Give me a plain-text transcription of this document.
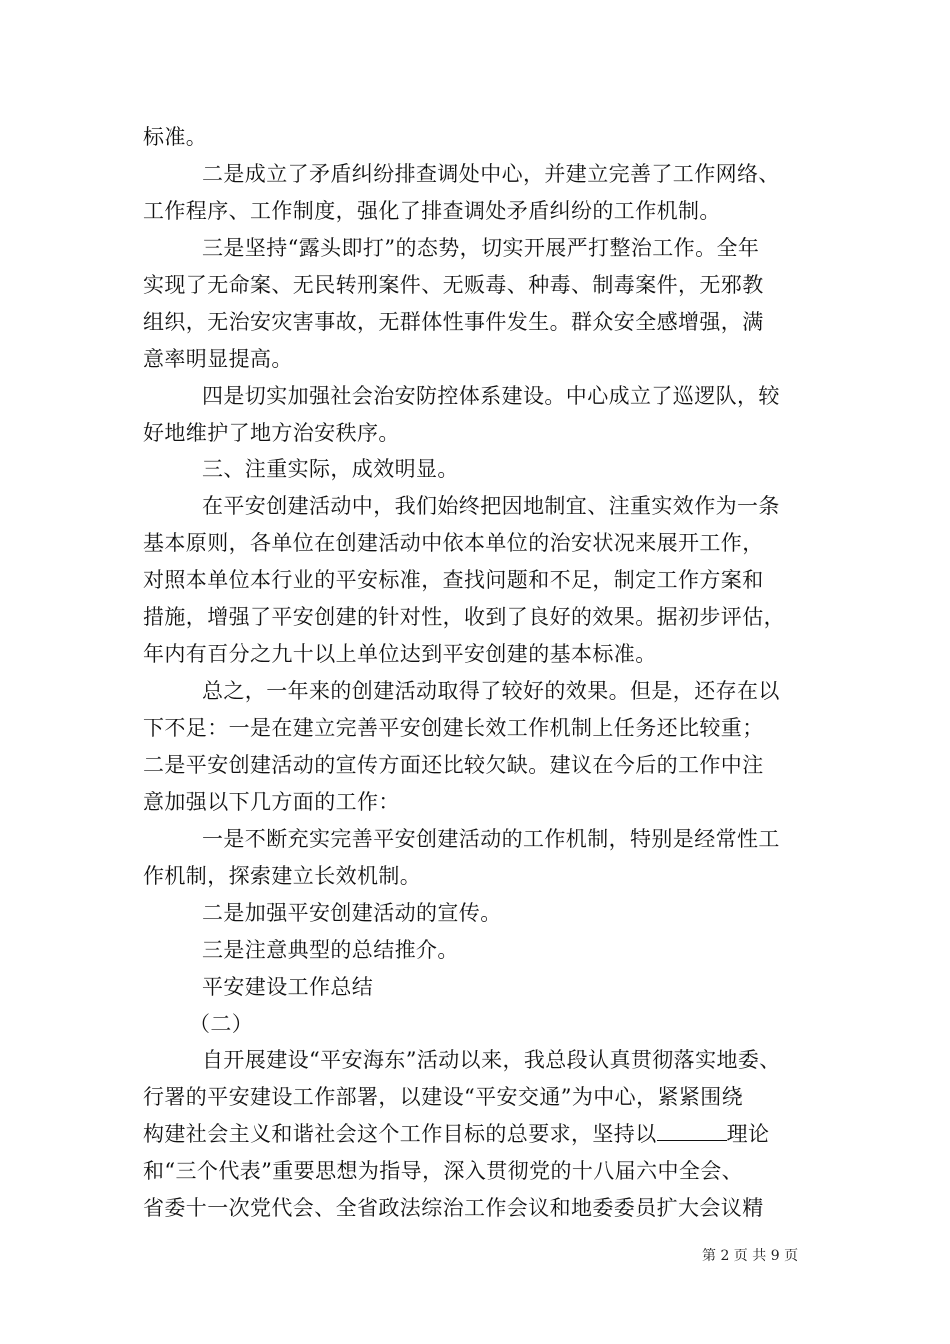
标准。
二是成立了矛盾纠纷排查调处中心，并建立完善了工作网络、
工作程序、工作制度，强化了排查调处矛盾纠纷的工作机制。
三是坚持“露头即打”的态势，切实开展严打整治工作。全年
实现了无命案、无民转刑案件、无贩毒、种毒、制毒案件，无邪教
组织，无治安灾害事故，无群体性事件发生。群众安全感增强，满
意率明显提高。
四是切实加强社会治安防控体系建设。中心成立了巡逻队，较
好地维护了地方治安秩序。
三、注重实际，成效明显。
在平安创建活动中，我们始终把因地制宜、注重实效作为一条
基本原则，各单位在创建活动中依本单位的治安状况来展开工作，
对照本单位本行业的平安标准，查找问题和不足，制定工作方案和
措施，增强了平安创建的针对性，收到了良好的效果。据初步评估，
年内有百分之九十以上单位达到平安创建的基本标准。
总之，一年来的创建活动取得了较好的效果。但是，还存在以
下不足：一是在建立完善平安创建长效工作机制上任务还比较重；
二是平安创建活动的宣传方面还比较欠缺。建议在今后的工作中注
意加强以下几方面的工作：
一是不断充实完善平安创建活动的工作机制，特别是经常性工
作机制，探索建立长效机制。
二是加强平安创建活动的宣传。
三是注意典型的总结推介。
平安建设工作总结
（二）
自开展建设“平安海东”活动以来，我总段认真贯彻落实地委、
行署的平安建设工作部署，以建设“平安交通”为中心，紧紧围绕
构建社会主义和谐社会这个工作目标的总要求，坚持以	理论
和“三个代表”重要思想为指导，深入贯彻党的十八届六中全会、
省委十一次党代会、全省政法综治工作会议和地委委员扩大会议精
第 2 页 共 9 页
